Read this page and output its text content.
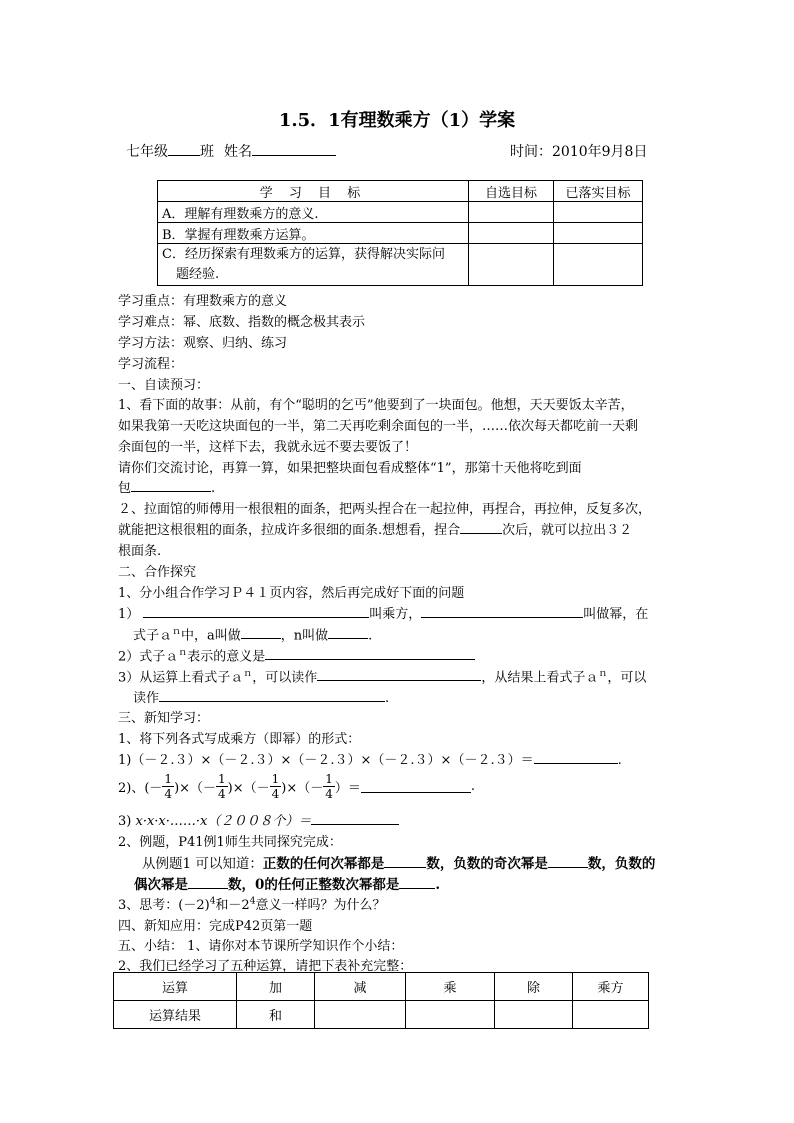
1.5．1有理数乘方（1）学案
七年级 班 姓名	时间：2010年9月8日
学 习 目 标	自选目标	已落实目标
A．理解有理数乘方的意义.		
B．掌握有理数乘方运算。		
C．经历探索有理数乘方的运算，获得解决实际问
题经验.		
学习重点：有理数乘方的意义
学习难点：幂、底数、指数的概念极其表示
学习方法：观察、归纳、练习
学习流程：
一、自读预习：
1、看下面的故事：从前，有个“聪明的乞丐”他要到了一块面包。他想，天天要饭太辛苦，
如果我第一天吃这块面包的一半，第二天再吃剩余面包的一半，……依次每天都吃前一天剩
余面包的一半，这样下去，我就永远不要去要饭了！
请你们交流讨论，再算一算，如果把整块面包看成整体“1”，那第十天他将吃到面
包	.
２、拉面馆的师傅用一根很粗的面条，把两头捏合在一起拉伸，再捏合，再拉伸，反复多次，
就能把这根很粗的面条，拉成许多很细的面条.想想看，捏合	次后，就可以拉出３２
根面条.
二、合作探究
1、分小组合作学习Ｐ４１页内容，然后再完成好下面的问题
1）	叫乘方，	叫做幂，在
式子ａ$^n$中，a叫做	，n叫做	.
2）式子ａ$^n$表示的意义是
3）从运算上看式子ａ$^n$，可以读作	，从结果上看式子ａ$^n$，可以
读作	.
三、新知学习：
1、将下列各式写成乘方（即幂）的形式：
1)（－２.３）×（－２.３）×（－２.３）×（－２.３）×（－２.３）＝	.
2)、 (－ $\frac{1}{4}$ )×（－ $\frac{1}{4}$ )×（－ $\frac{1}{4}$ )×（－ $\frac{1}{4}$ ）＝	.
3) x·x·x·……·x（２００８个）＝
2、例题，P41例1师生共同探究完成：
从例题1 可以知道：正数的任何次幂都是	数，负数的奇次幂是	数，负数的
偶次幂是	数，0的任何正整数次幂都是	.
3、思考：$(-2)^4$和$-2^4$意义一样吗？为什么？
四、新知应用：完成P42页第一题
五、小结： 1、请你对本节课所学知识作个小结：
2、我们已经学习了五种运算，请把下表补充完整：
运算	加	减	乘	除	乘方
运算结果	和				
